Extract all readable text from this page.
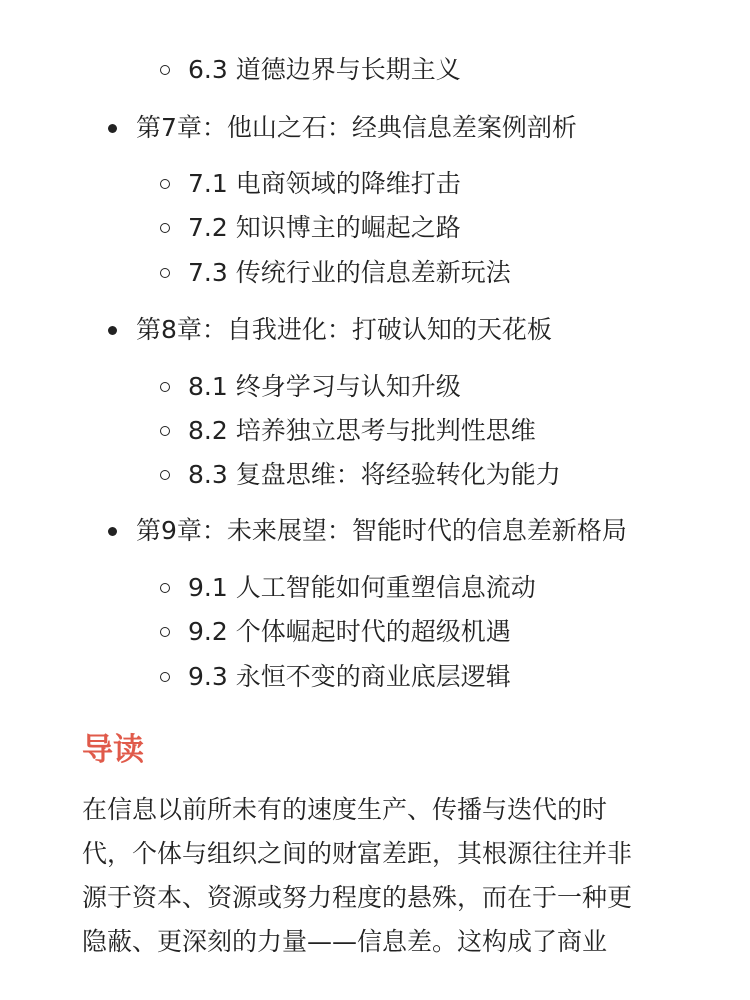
6.3 道德边界与长期主义
第7章：他山之石：经典信息差案例剖析
7.1 电商领域的降维打击
7.2 知识博主的崛起之路
7.3 传统行业的信息差新玩法
第8章：自我进化：打破认知的天花板
8.1 终身学习与认知升级
8.2 培养独立思考与批判性思维
8.3 复盘思维：将经验转化为能力
第9章：未来展望：智能时代的信息差新格局
9.1 人工智能如何重塑信息流动
9.2 个体崛起时代的超级机遇
9.3 永恒不变的商业底层逻辑
导读

在信息以前所未有的速度生产、传播与迭代的时
代，个体与组织之间的财富差距，其根源往往并非
源于资本、资源或努力程度的悬殊，而在于一种更
隐蔽、更深刻的力量——信息差。这构成了商业
